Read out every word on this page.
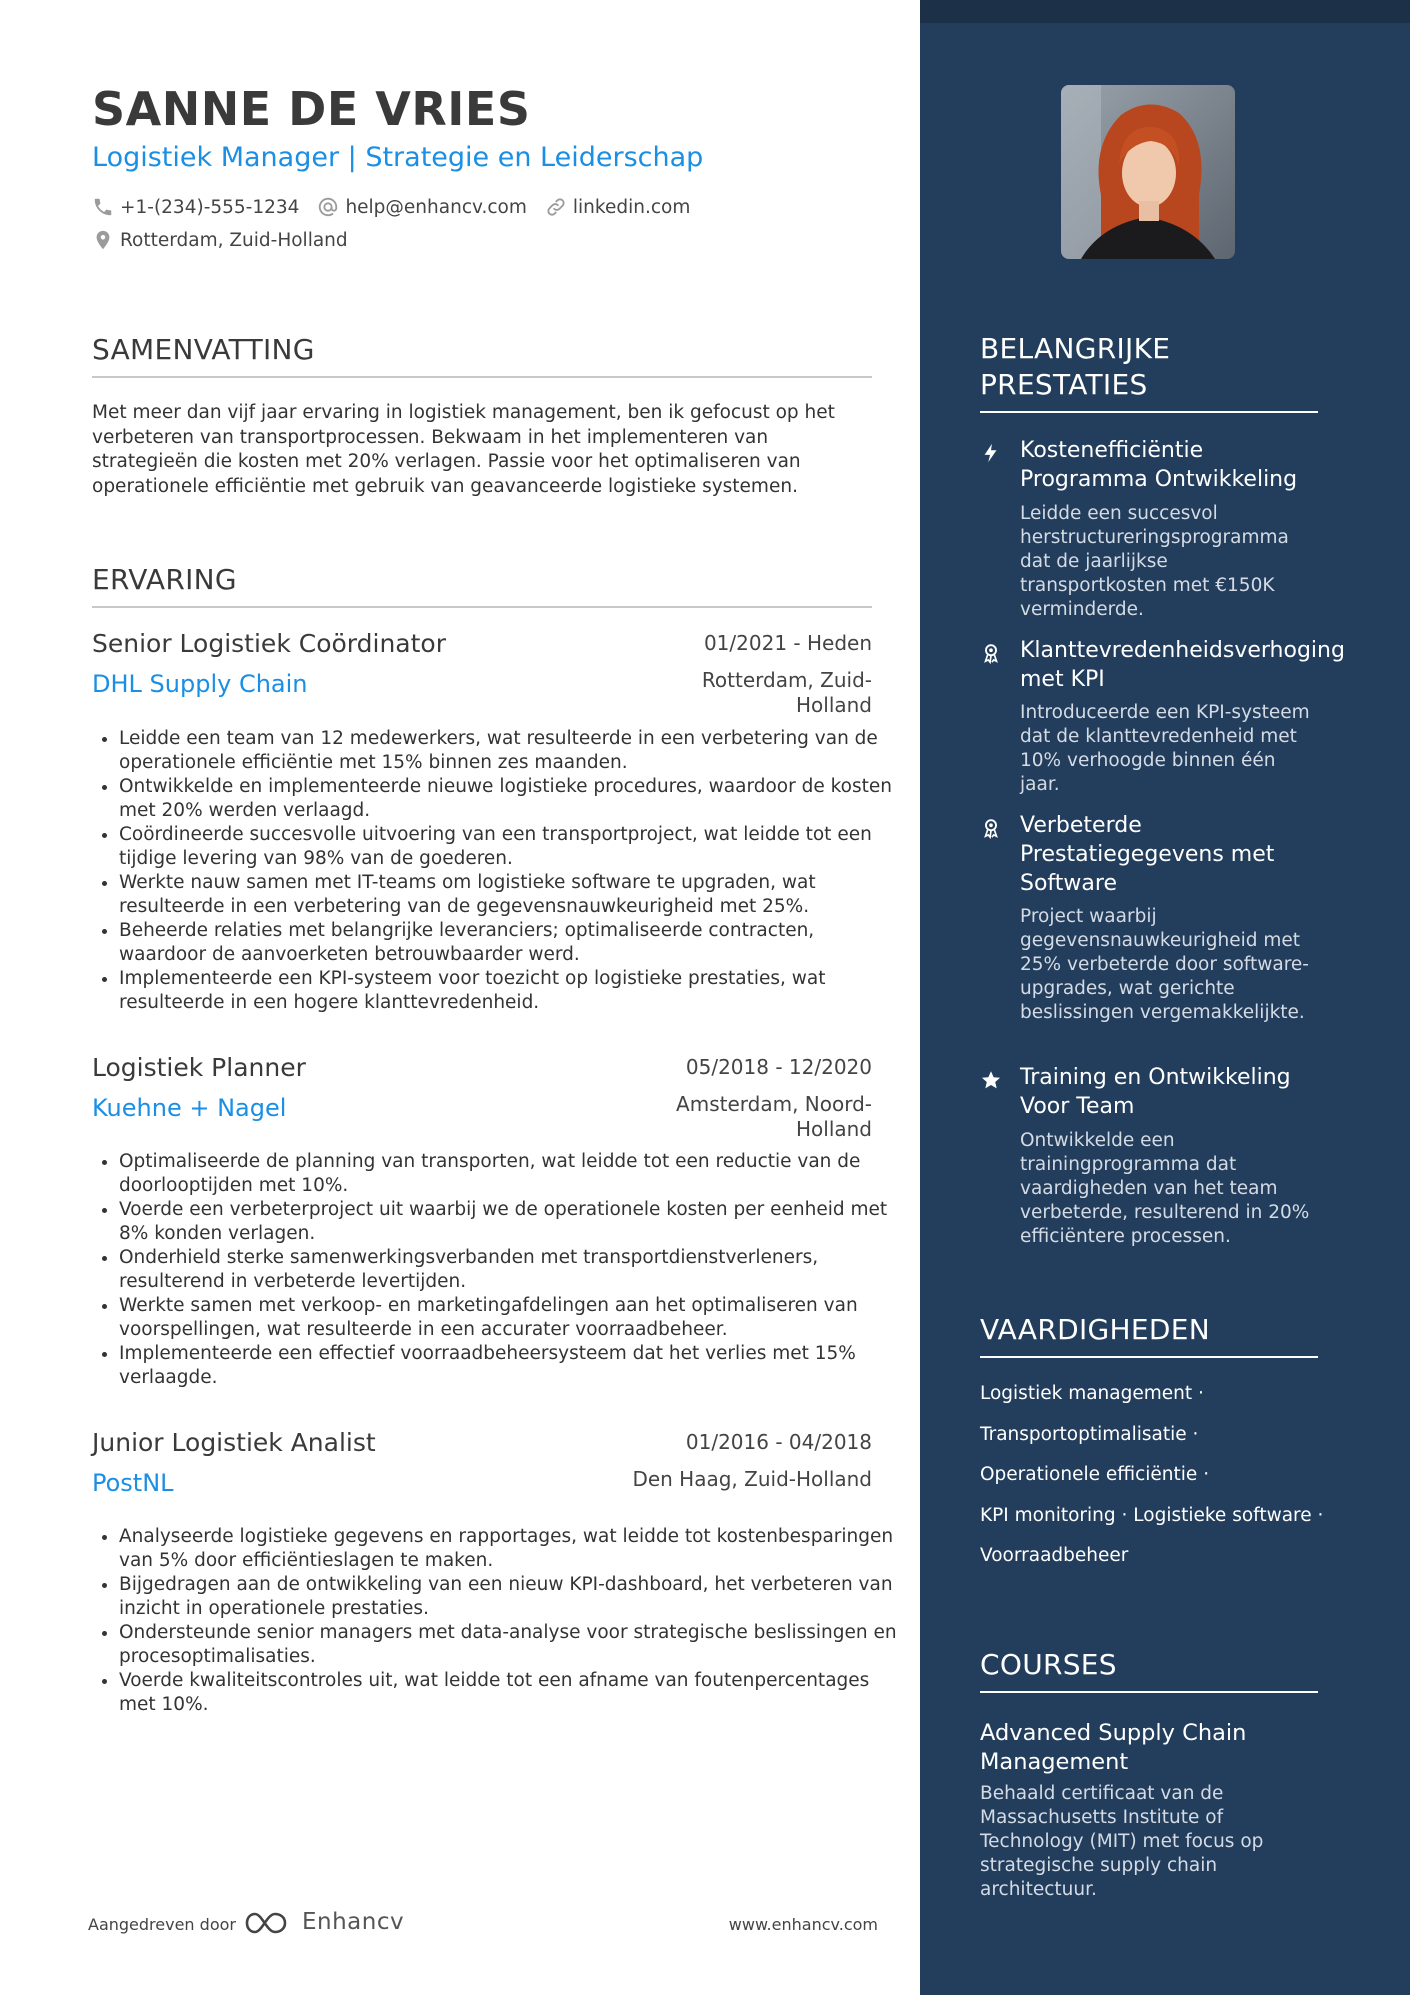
SANNE DE VRIES
Logistiek Manager | Strategie en Leiderschap
+1-(234)-555-1234 help@enhancv.com linkedin.com
Rotterdam, Zuid-Holland
SAMENVATTING

Met meer dan vijf jaar ervaring in logistiek management, ben ik gefocust op het verbeteren van transportprocessen. Bekwaam in het implementeren van strategieën die kosten met 20% verlagen. Passie voor het optimaliseren van operationele efficiëntie met gebruik van geavanceerde logistieke systemen.

ERVARING
Senior Logistiek Coördinator	01/2021 - Heden
DHL Supply Chain	Rotterdam, Zuid-Holland
• Leidde een team van 12 medewerkers, wat resulteerde in een verbetering van de operationele efficiëntie met 15% binnen zes maanden.
• Ontwikkelde en implementeerde nieuwe logistieke procedures, waardoor de kosten met 20% werden verlaagd.
• Coördineerde succesvolle uitvoering van een transportproject, wat leidde tot een tijdige levering van 98% van de goederen.
• Werkte nauw samen met IT-teams om logistieke software te upgraden, wat resulteerde in een verbetering van de gegevensnauwkeurigheid met 25%.
• Beheerde relaties met belangrijke leveranciers; optimaliseerde contracten, waardoor de aanvoerketen betrouwbaarder werd.
• Implementeerde een KPI-systeem voor toezicht op logistieke prestaties, wat resulteerde in een hogere klanttevredenheid.
Logistiek Planner	05/2018 - 12/2020
Kuehne + Nagel	Amsterdam, Noord-Holland
• Optimaliseerde de planning van transporten, wat leidde tot een reductie van de doorlooptijden met 10%.
• Voerde een verbeterproject uit waarbij we de operationele kosten per eenheid met 8% konden verlagen.
• Onderhield sterke samenwerkingsverbanden met transportdienstverleners, resulterend in verbeterde levertijden.
• Werkte samen met verkoop- en marketingafdelingen aan het optimaliseren van voorspellingen, wat resulteerde in een accurater voorraadbeheer.
• Implementeerde een effectief voorraadbeheersysteem dat het verlies met 15% verlaagde.
Junior Logistiek Analist	01/2016 - 04/2018
PostNL	Den Haag, Zuid-Holland
• Analyseerde logistieke gegevens en rapportages, wat leidde tot kostenbesparingen van 5% door efficiëntieslagen te maken.
• Bijgedragen aan de ontwikkeling van een nieuw KPI-dashboard, het verbeteren van inzicht in operationele prestaties.
• Ondersteunde senior managers met data-analyse voor strategische beslissingen en procesoptimalisaties.
• Voerde kwaliteitscontroles uit, wat leidde tot een afname van foutenpercentages met 10%.
Aangedreven door	Enhancv	www.enhancv.com
BELANGRIJKE PRESTATIES
Kostenefficiëntie Programma Ontwikkeling
Leidde een succesvol herstructureringsprogramma dat de jaarlijkse transportkosten met €150K verminderde.
Klanttevredenheidsverhoging met KPI
Introduceerde een KPI-systeem dat de klanttevredenheid met 10% verhoogde binnen één jaar.
Verbeterde Prestatiegegevens met Software
Project waarbij gegevensnauwkeurigheid met 25% verbeterde door software-upgrades, wat gerichte beslissingen vergemakkelijkte.
Training en Ontwikkeling Voor Team
Ontwikkelde een trainingprogramma dat vaardigheden van het team verbeterde, resulterend in 20% efficiëntere processen.
VAARDIGHEDEN
Logistiek management ·
Transportoptimalisatie ·
Operationele efficiëntie ·
KPI monitoring · Logistieke software ·
Voorraadbeheer
COURSES
Advanced Supply Chain Management
Behaald certificaat van de Massachusetts Institute of Technology (MIT) met focus op strategische supply chain architectuur.
